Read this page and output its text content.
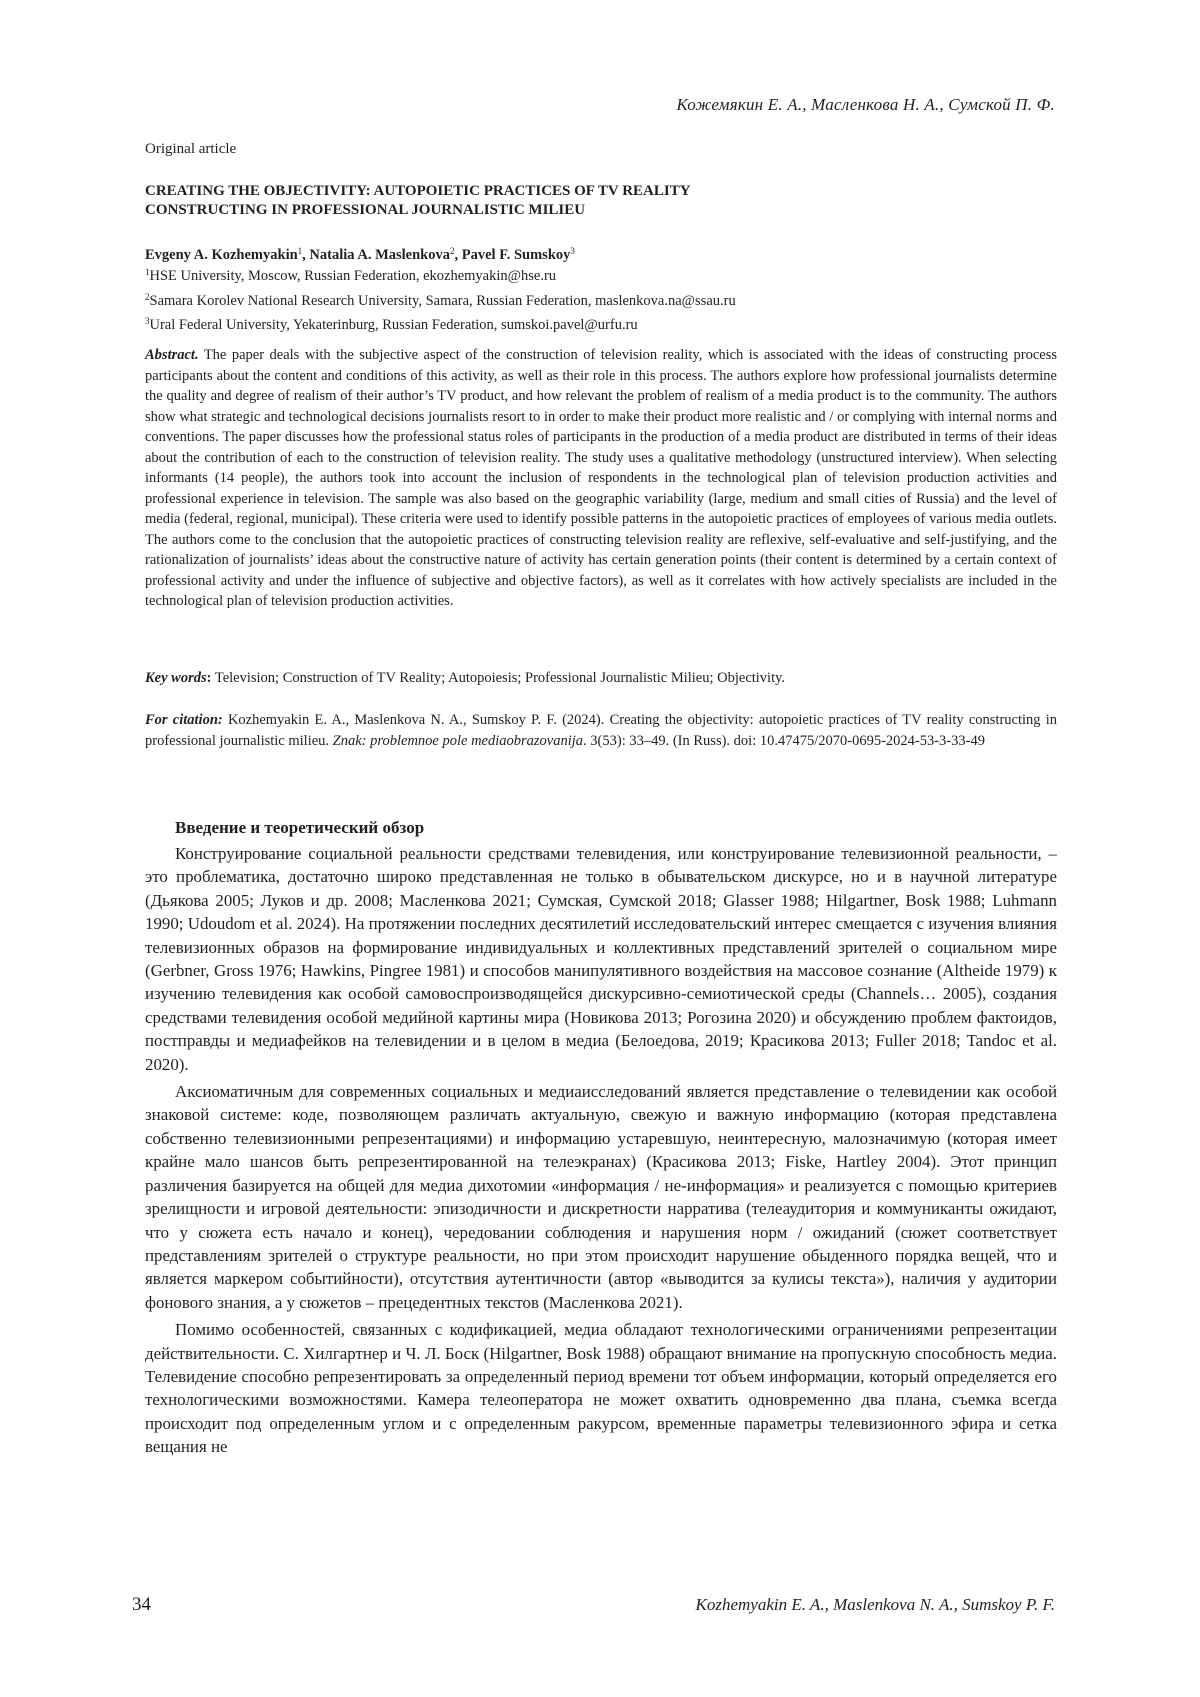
Кожемякин Е. А., Масленкова Н. А., Сумской П. Ф.
Original article
CREATING THE OBJECTIVITY: AUTOPOIETIC PRACTICES OF TV REALITY
CONSTRUCTING IN PROFESSIONAL JOURNALISTIC MILIEU
Evgeny A. Kozhemyakin$^1$, Natalia A. Maslenkova$^2$, Pavel F. Sumskoy$^3$
$^1$HSE University, Moscow, Russian Federation, ekozhemyakin@hse.ru
$^2$Samara Korolev National Research University, Samara, Russian Federation, maslenkova.na@ssau.ru
$^3$Ural Federal University, Yekaterinburg, Russian Federation, sumskoi.pavel@urfu.ru
Abstract. The paper deals with the subjective aspect of the construction of television reality, which is associated with the ideas of constructing process participants about the content and conditions of this activity, as well as their role in this process. The authors explore how professional journalists determine the quality and degree of realism of their author’s TV product, and how relevant the problem of realism of a media product is to the community. The authors show what strategic and technological decisions journalists resort to in order to make their product more realistic and / or complying with internal norms and conventions. The paper discusses how the professional status roles of participants in the production of a media product are distributed in terms of their ideas about the contribution of each to the construction of television reality. The study uses a qualitative methodology (unstructured interview). When selecting informants (14 people), the authors took into account the inclusion of respondents in the technological plan of television production activities and professional experience in television. The sample was also based on the geographic variability (large, medium and small cities of Russia) and the level of media (federal, regional, municipal). These criteria were used to identify possible patterns in the autopoietic practices of employees of various media outlets. The authors come to the conclusion that the autopoietic practices of constructing television reality are reflexive, self-evaluative and self-justifying, and the rationalization of journalists’ ideas about the constructive nature of activity has certain generation points (their content is determined by a certain context of professional activity and under the influence of subjective and objective factors), as well as it correlates with how actively specialists are included in the technological plan of television production activities.
Key words: Television; Construction of TV Reality; Autopoiesis; Professional Journalistic Milieu; Objectivity.
For citation: Kozhemyakin E. A., Maslenkova N. A., Sumskoy P. F. (2024). Creating the objectivity: autopoietic practices of TV reality constructing in professional journalistic milieu. Znak: problemnoe pole mediaobrazovanija. 3(53): 33–49. (In Russ). doi: 10.47475/2070-0695-2024-53-3-33-49
Введение и теоретический обзор

Конструирование социальной реальности средствами телевидения, или конструирование телевизионной реальности, – это проблематика, достаточно широко представленная не только в обывательском дискурсе, но и в научной литературе (Дьякова 2005; Луков и др. 2008; Масленкова 2021; Сумская, Сумской 2018; Glasser 1988; Hilgartner, Bosk 1988; Luhmann 1990; Udoudom et al. 2024). На протяжении последних десятилетий исследовательский интерес смещается с изучения влияния телевизионных образов на формирование индивидуальных и коллективных представлений зрителей о социальном мире (Gerbner, Gross 1976; Hawkins, Pingree 1981) и способов манипулятивного воздействия на массовое сознание (Altheide 1979) к изучению телевидения как особой самовоспроизводящейся дискурсивно-семиотической среды (Channels… 2005), создания средствами телевидения особой медийной картины мира (Новикова 2013; Рогозина 2020) и обсуждению проблем фактоидов, постправды и медиафейков на телевидении и в целом в медиа (Белоедова, 2019; Красикова 2013; Fuller 2018; Tandoc et al. 2020).

Аксиоматичным для современных социальных и медиаисследований является представление о телевидении как особой знаковой системе: коде, позволяющем различать актуальную, свежую и важную информацию (которая представлена собственно телевизионными репрезентациями) и информацию устаревшую, неинтересную, малозначимую (которая имеет крайне мало шансов быть репрезентированной на телеэкранах) (Красикова 2013; Fiske, Hartley 2004). Этот принцип различения базируется на общей для медиа дихотомии «информация / не-информация» и реализуется с помощью критериев зрелищности и игровой деятельности: эпизодичности и дискретности нарратива (телеаудитория и коммуниканты ожидают, что у сюжета есть начало и конец), чередовании соблюдения и нарушения норм / ожиданий (сюжет соответствует представлениям зрителей о структуре реальности, но при этом происходит нарушение обыденного порядка вещей, что и является маркером событийности), отсутствия аутентичности (автор «выводится за кулисы текста»), наличия у аудитории фонового знания, а у сюжетов – прецедентных текстов (Масленкова 2021).

Помимо особенностей, связанных с кодификацией, медиа обладают технологическими ограничениями репрезентации действительности. С. Хилгартнер и Ч. Л. Боск (Hilgartner, Bosk 1988) обращают внимание на пропускную способность медиа. Телевидение способно репрезентировать за определенный период времени тот объем информации, который определяется его технологическими возможностями. Камера телеоператора не может охватить одновременно два плана, съемка всегда происходит под определенным углом и с определенным ракурсом, временные параметры телевизионного эфира и сетка вещания не

34	Kozhemyakin E. A., Maslenkova N. A., Sumskoy P. F.
